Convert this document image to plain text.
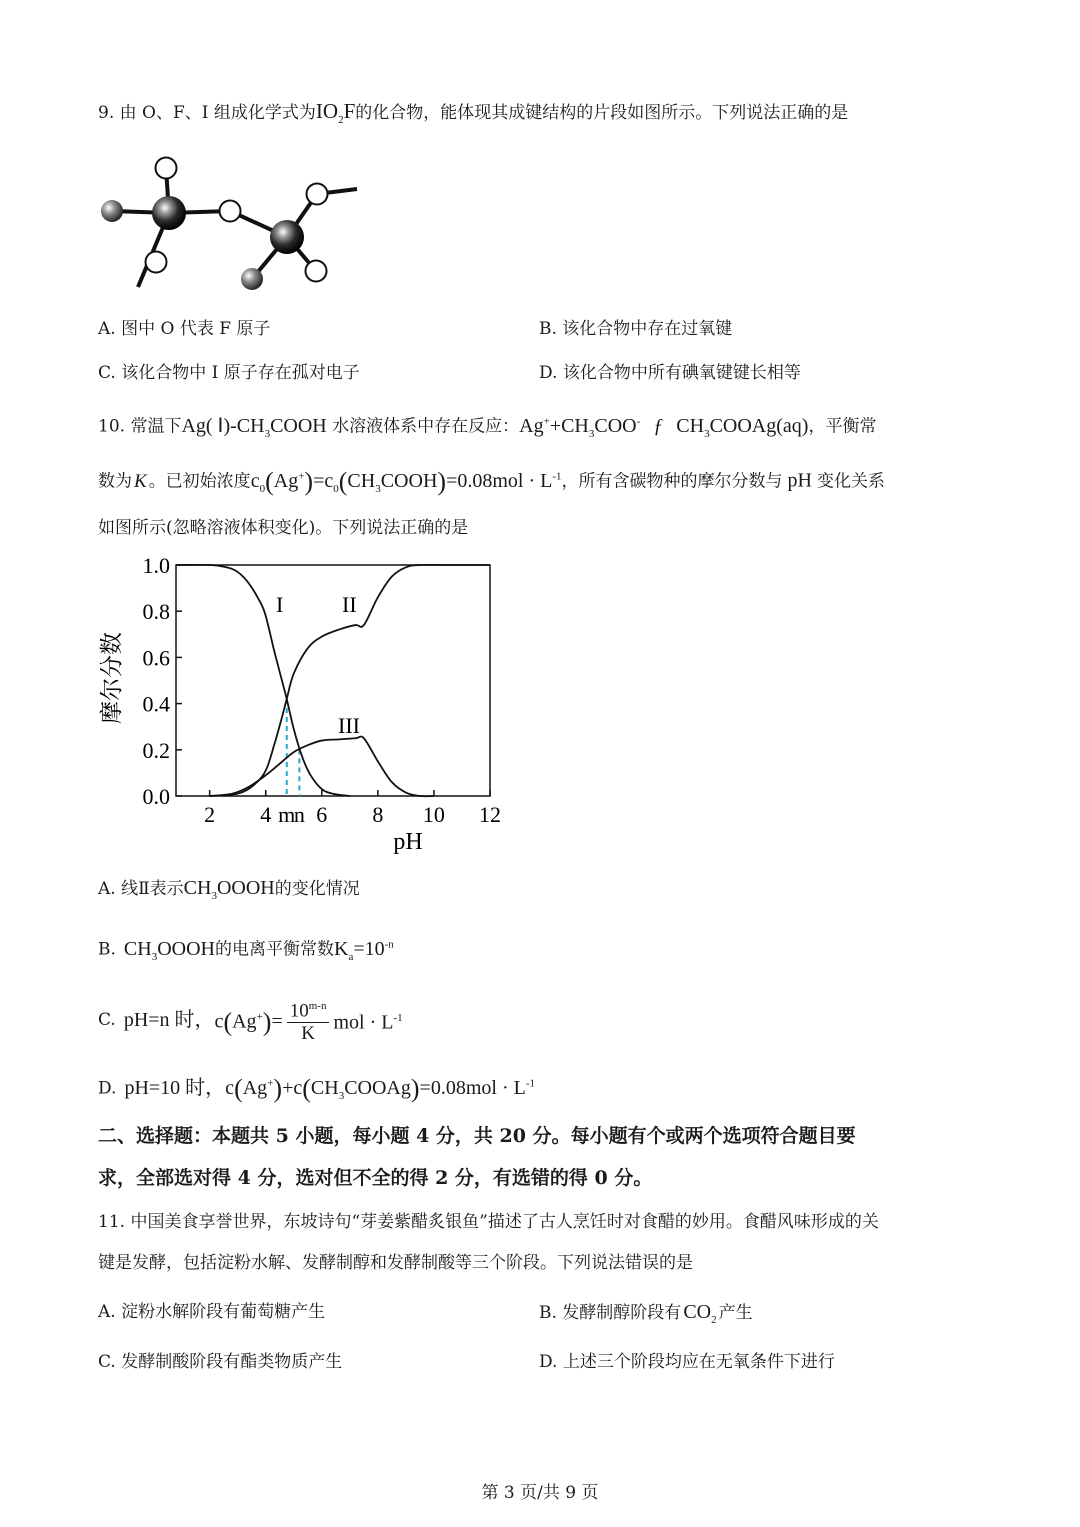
9. 由 O、F、I 组成化学式为$IO_2F$的化合物，能体现其成键结构的片段如图所示。下列说法正确的是
A. 图中 O 代表 F 原子	B. 该化合物中存在过氧键
C. 该化合物中 I 原子存在孤对电子	D. 该化合物中所有碘氧键键长相等
10. 常温下Ag( $Ⅰ)-CH_3COOH$ 水溶液体系中存在反应：$Ag^++CH_3COO^-$ ƒ $CH_3COOAg(aq)$，平衡常
数为 K 。已初始浓度$c_0(Ag^+)=c_0(CH_3COOH)=0.08mol \cdot L^{-1}$，所有含碳物种的摩尔分数与 pH 变化关系
如图所示(忽略溶液体积变化)。下列说法正确的是
0.0
0.2
0.4
0.6
0.8
1.0
2 4 6 8 10 12
m
n
pH
摩尔分数
I	II
III
A. 线Ⅱ表示$CH_3OOOH$的变化情况
B. $CH_3OOOH$的电离平衡常数$K_a=10^{-n}$
C. pH=n 时， $c(Ag^+)= \frac{10^{m-n}}{K}$ mol · $L^{-1}$
D. pH=10 时，$c(Ag^+)+c(CH_3COOAg)=0.08mol \cdot L^{-1}$
二、选择题：本题共 5 小题，每小题 4 分，共 20 分。每小题有个或两个选项符合题目要
求，全部选对得 4 分，选对但不全的得 2 分，有选错的得 0 分。
11. 中国美食享誉世界，东坡诗句“芽姜紫醋炙银鱼”描述了古人烹饪时对食醋的妙用。食醋风味形成的关
键是发酵，包括淀粉水解、发酵制醇和发酵制酸等三个阶段。下列说法错误的是
A. 淀粉水解阶段有葡萄糖产生	B. 发酵制醇阶段有 $CO_2$ 产生
C. 发酵制酸阶段有酯类物质产生	D. 上述三个阶段均应在无氧条件下进行
第 3 页/共 9 页
